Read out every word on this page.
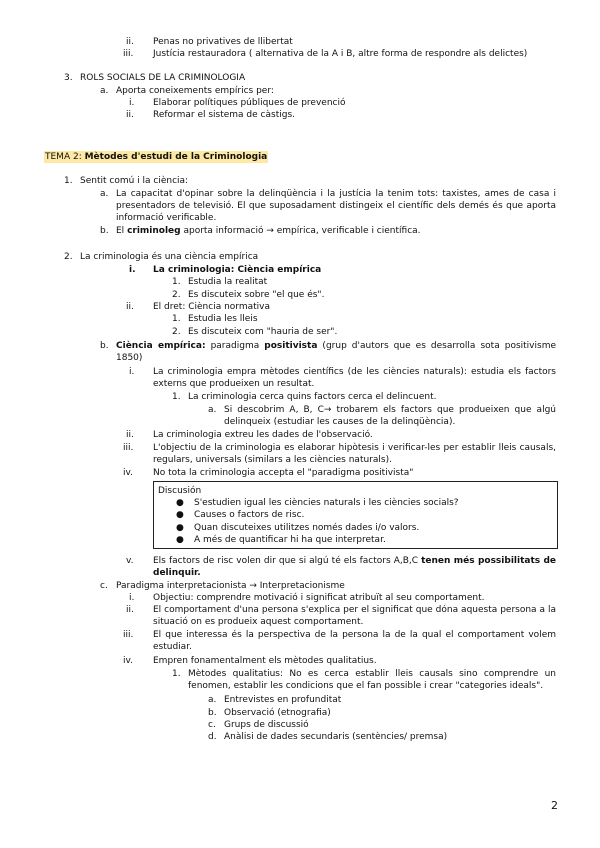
ii. Penas no privatives de llibertat
iii. Justícia restauradora ( alternativa de la A i B, altre forma de respondre als delictes)
3. ROLS SOCIALS DE LA CRIMINOLOGIA
a. Aporta coneixements empírics per:
i. Elaborar polítiques públiques de prevenció
ii. Reformar el sistema de càstigs.
TEMA 2: Mètodes d'estudi de la Criminologia
1. Sentit comú i la ciència:
a. La capacitat d'opinar sobre la delinqüència i la justícia la tenim tots: taxistes, ames de casa i presentadors de televisió. El que suposadament distingeix el científic dels demés és que aporta informació verificable.
b. El criminoleg aporta informació → empírica, verificable i científica.
2. La criminologia és una ciència empírica
i. La criminologia: Ciència empírica
1. Estudia la realitat
2. Es discuteix sobre "el que és".
ii. El dret: Ciència normativa
1. Estudia les lleis
2. Es discuteix com "hauria de ser".
b. Ciència empírica: paradigma positivista (grup d'autors que es desarrolla sota positivisme 1850)
i. La criminologia empra mètodes científics (de les ciències naturals): estudia els factors externs que produeixen un resultat.
1. La criminologia cerca quins factors cerca el delincuent.
a. Si descobrim A, B, C→ trobarem els factors que produeixen que algú delinqueix (estudiar les causes de la delinqüència).
ii. La criminologia extreu les dades de l'observació.
iii. L'objectiu de la criminologia es elaborar hipòtesis i verificar-les per establir lleis causals, regulars, universals (similars a les ciències naturals).
iv. No tota la criminologia accepta el "paradigma positivista"
Discusión
● S'estudien igual les ciències naturals i les ciències socials?
● Causes o factors de risc.
● Quan discuteixes utilitzes només dades i/o valors.
● A més de quantificar hi ha que interpretar.
v. Els factors de risc volen dir que si algú té els factors A,B,C tenen més possibilitats de delinquir.
c. Paradigma interpretacionista → Interpretacionisme
i. Objectiu: comprendre motivació i significat atribuït al seu comportament.
ii. El comportament d'una persona s'explica per el significat que dóna aquesta persona a la situació on es produeix aquest comportament.
iii. El que interessa és la perspectiva de la persona la de la qual el comportament volem estudiar.
iv. Empren fonamentalment els mètodes qualitatius.
1. Mètodes qualitatius: No es cerca establir lleis causals sino comprendre un fenomen, establir les condicions que el fan possible i crear "categories ideals".
a. Entrevistes en profunditat
b. Observació (etnografia)
c. Grups de discussió
d. Anàlisi de dades secundaris (sentències/ premsa)
2
